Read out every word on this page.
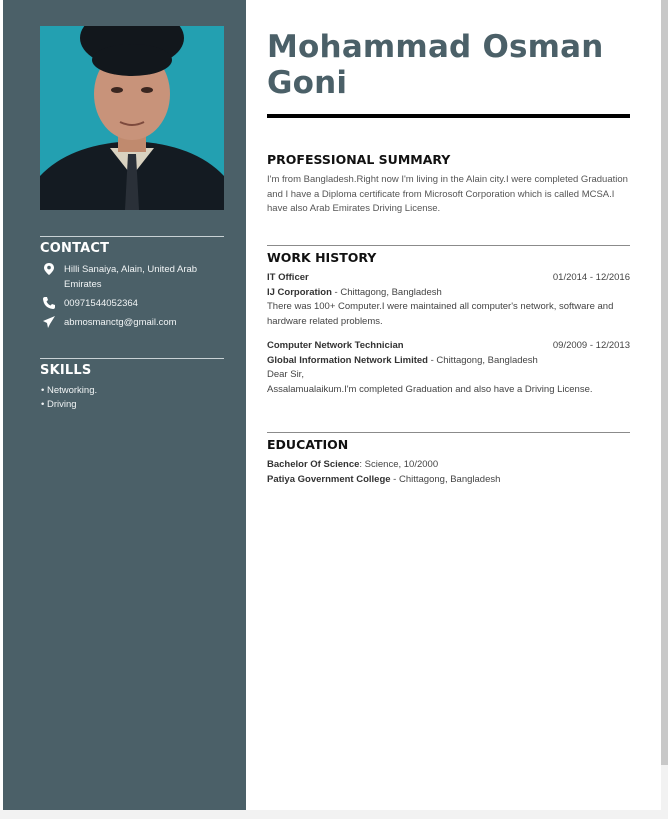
CONTACT
Hilli Sanaiya, Alain, United Arab Emirates
00971544052364
abmosmanctg@gmail.com
SKILLS
• Networking.
• Driving
Mohammad Osman Goni
PROFESSIONAL SUMMARY
I'm from Bangladesh.Right now I'm living in the Alain city.I were completed Graduation and I have a Diploma certificate from Microsoft Corporation which is called MCSA.I have also Arab Emirates Driving License.
WORK HISTORY
IT Officer	01/2014 - 12/2016
IJ Corporation - Chittagong, Bangladesh
There was 100+ Computer.I were maintained all computer's network, software and hardware related problems.
Computer Network Technician	09/2009 - 12/2013
Global Information Network Limited - Chittagong, Bangladesh
Dear Sir,
Assalamualaikum.I'm completed Graduation and also have a Driving License.
EDUCATION
Bachelor Of Science: Science, 10/2000
Patiya Government College - Chittagong, Bangladesh
